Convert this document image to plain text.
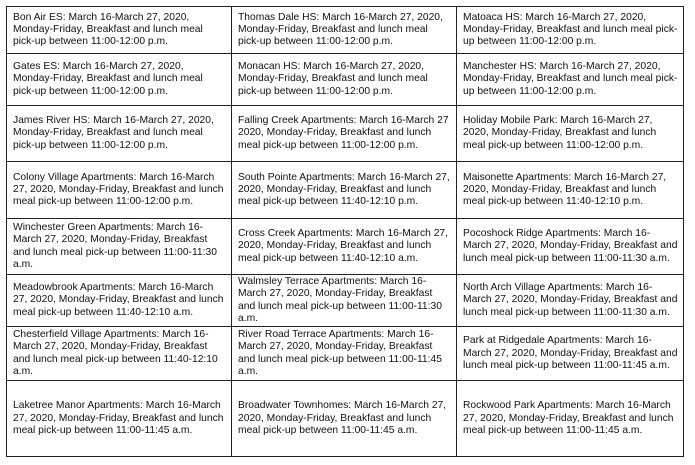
Bon Air ES: March 16-March 27, 2020, Monday-Friday, Breakfast and lunch meal pick-up between 11:00-12:00 p.m.	Thomas Dale HS: March 16-March 27, 2020, Monday-Friday, Breakfast and lunch meal pick-up between 11:00-12:00 p.m.	Matoaca HS: March 16-March 27, 2020, Monday-Friday, Breakfast and lunch meal pick-up between 11:00-12:00 p.m.
Gates ES: March 16-March 27, 2020, Monday-Friday, Breakfast and lunch meal pick-up between 11:00-12:00 p.m.	Monacan HS: March 16-March 27, 2020, Monday-Friday, Breakfast and lunch meal pick-up between 11:00-12:00 p.m.	Manchester HS: March 16-March 27, 2020, Monday-Friday, Breakfast and lunch meal pick-up between 11:00-12:00 p.m.
James River HS: March 16-March 27, 2020, Monday-Friday, Breakfast and lunch meal pick-up between 11:00-12:00 p.m.	Falling Creek Apartments: March 16-March 27 2020, Monday-Friday, Breakfast and lunch meal pick-up between 11:00-12:00 p.m.	Holiday Mobile Park: March 16-March 27, 2020, Monday-Friday, Breakfast and lunch meal pick-up between 11:00-12:00 p.m.
Colony Village Apartments: March 16-March 27, 2020, Monday-Friday, Breakfast and lunch meal pick-up between 11:00-12:00 p.m.	South Pointe Apartments: March 16-March 27, 2020, Monday-Friday, Breakfast and lunch meal pick-up between 11:40-12:10 p.m.	Maisonette Apartments: March 16-March 27, 2020, Monday-Friday, Breakfast and lunch meal pick-up between 11:40-12:10 p.m.
Winchester Green Apartments: March 16-March 27, 2020, Monday-Friday, Breakfast and lunch meal pick-up between 11:00-11:30 a.m.	Cross Creek Apartments: March 16-March 27, 2020, Monday-Friday, Breakfast and lunch meal pick-up between 11:40-12:10 a.m.	Pocoshock Ridge Apartments: March 16-March 27, 2020, Monday-Friday, Breakfast and lunch meal pick-up between 11:00-11:30 a.m.
Meadowbrook Apartments: March 16-March 27, 2020, Monday-Friday, Breakfast and lunch meal pick-up between 11:40-12:10 a.m.	Walmsley Terrace Apartments: March 16-March 27, 2020, Monday-Friday, Breakfast and lunch meal pick-up between 11:00-11:30 a.m.	North Arch Village Apartments: March 16-March 27, 2020, Monday-Friday, Breakfast and lunch meal pick-up between 11:00-11:30 a.m.
Chesterfield Village Apartments: March 16-March 27, 2020, Monday-Friday, Breakfast and lunch meal pick-up between 11:40-12:10 a.m.	River Road Terrace Apartments: March 16-March 27, 2020, Monday-Friday, Breakfast and lunch meal pick-up between 11:00-11:45 a.m.	Park at Ridgedale Apartments: March 16-March 27, 2020, Monday-Friday, Breakfast and lunch meal pick-up between 11:00-11:45 a.m.
Laketree Manor Apartments: March 16-March 27, 2020, Monday-Friday, Breakfast and lunch meal pick-up between 11:00-11:45 a.m.	Broadwater Townhomes: March 16-March 27, 2020, Monday-Friday, Breakfast and lunch meal pick-up between 11:00-11:45 a.m.	Rockwood Park Apartments: March 16-March 27, 2020, Monday-Friday, Breakfast and lunch meal pick-up between 11:00-11:45 a.m.
